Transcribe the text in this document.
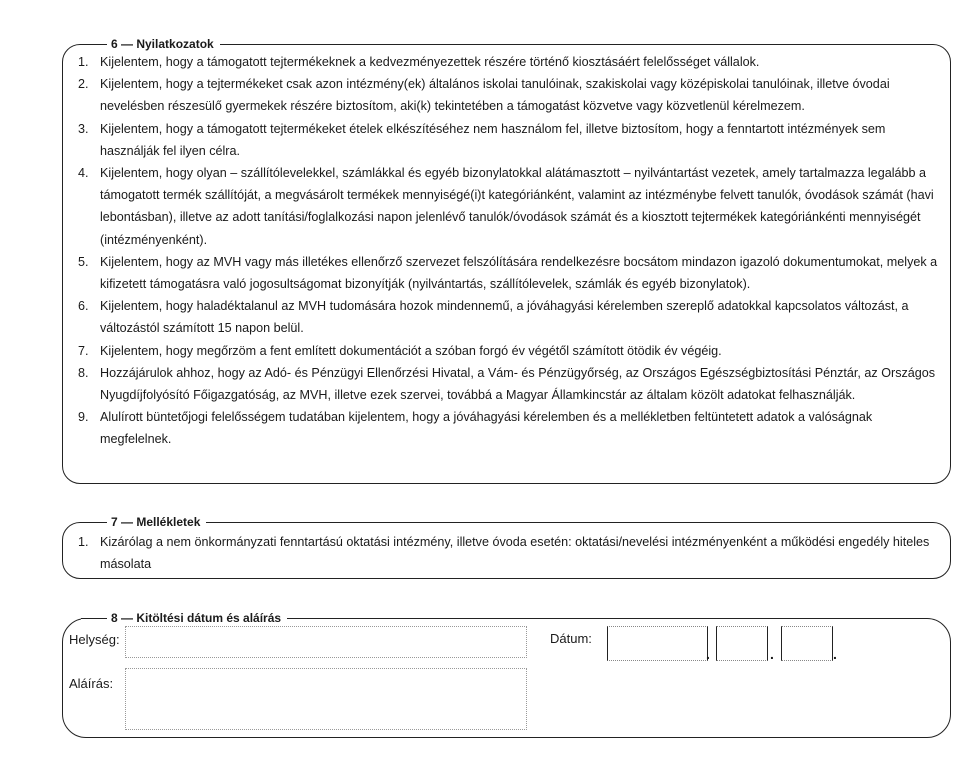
6 — Nyilatkozatok
1. Kijelentem, hogy a támogatott tejtermékeknek a kedvezményezettek részére történő kiosztásáért felelősséget vállalok.
2. Kijelentem, hogy a tejtermékeket csak azon intézmény(ek) általános iskolai tanulóinak, szakiskolai vagy középiskolai tanulóinak, illetve óvodai nevelésben részesülő gyermekek részére biztosítom, aki(k) tekintetében a támogatást közvetve vagy közvetlenül kérelmezem.
3. Kijelentem, hogy a támogatott tejtermékeket ételek elkészítéséhez nem használom fel, illetve biztosítom, hogy a fenntartott intézmények sem használják fel ilyen célra.
4. Kijelentem, hogy olyan – szállítólevelekkel, számlákkal és egyéb bizonylatokkal alátámasztott – nyilvántartást vezetek, amely tartalmazza legalább a támogatott termék szállítóját, a megvásárolt termékek mennyiségé(i)t kategóriánként, valamint az intézménybe felvett tanulók, óvodások számát (havi lebontásban), illetve az adott tanítási/foglalkozási napon jelenlévő tanulók/óvodások számát és a kiosztott tejtermékek kategóriánkénti mennyiségét (intézményenként).
5. Kijelentem, hogy az MVH vagy más illetékes ellenőrző szervezet felszólítására rendelkezésre bocsátom mindazon igazoló dokumentumokat, melyek a kifizetett támogatásra való jogosultságomat bizonyítják (nyilvántartás, szállítólevelek, számlák és egyéb bizonylatok).
6. Kijelentem, hogy haladéktalanul az MVH tudomására hozok mindennemű, a jóváhagyási kérelemben szereplő adatokkal kapcsolatos változást, a változástól számított 15 napon belül.
7. Kijelentem, hogy megőrzöm a fent említett dokumentációt a szóban forgó év végétől számított ötödik év végéig.
8. Hozzájárulok ahhoz, hogy az Adó- és Pénzügyi Ellenőrzési Hivatal, a Vám- és Pénzügyőrség, az Országos Egészségbiztosítási Pénztár, az Országos Nyugdíjfolyósító Főigazgatóság, az MVH, illetve ezek szervei, továbbá a Magyar Államkincstár az általam közölt adatokat felhasználják.
9. Alulírott büntetőjogi felelősségem tudatában kijelentem, hogy a jóváhagyási kérelemben és a mellékletben feltüntetett adatok a valóságnak megfelelnek.
7 — Mellékletek
1. Kizárólag a nem önkormányzati fenntartású oktatási intézmény, illetve óvoda esetén: oktatási/nevelési intézményenként a működési engedély hiteles másolata
8 — Kitöltési dátum és aláírás
Helység:
Aláírás:
Dátum:
.	.	.
